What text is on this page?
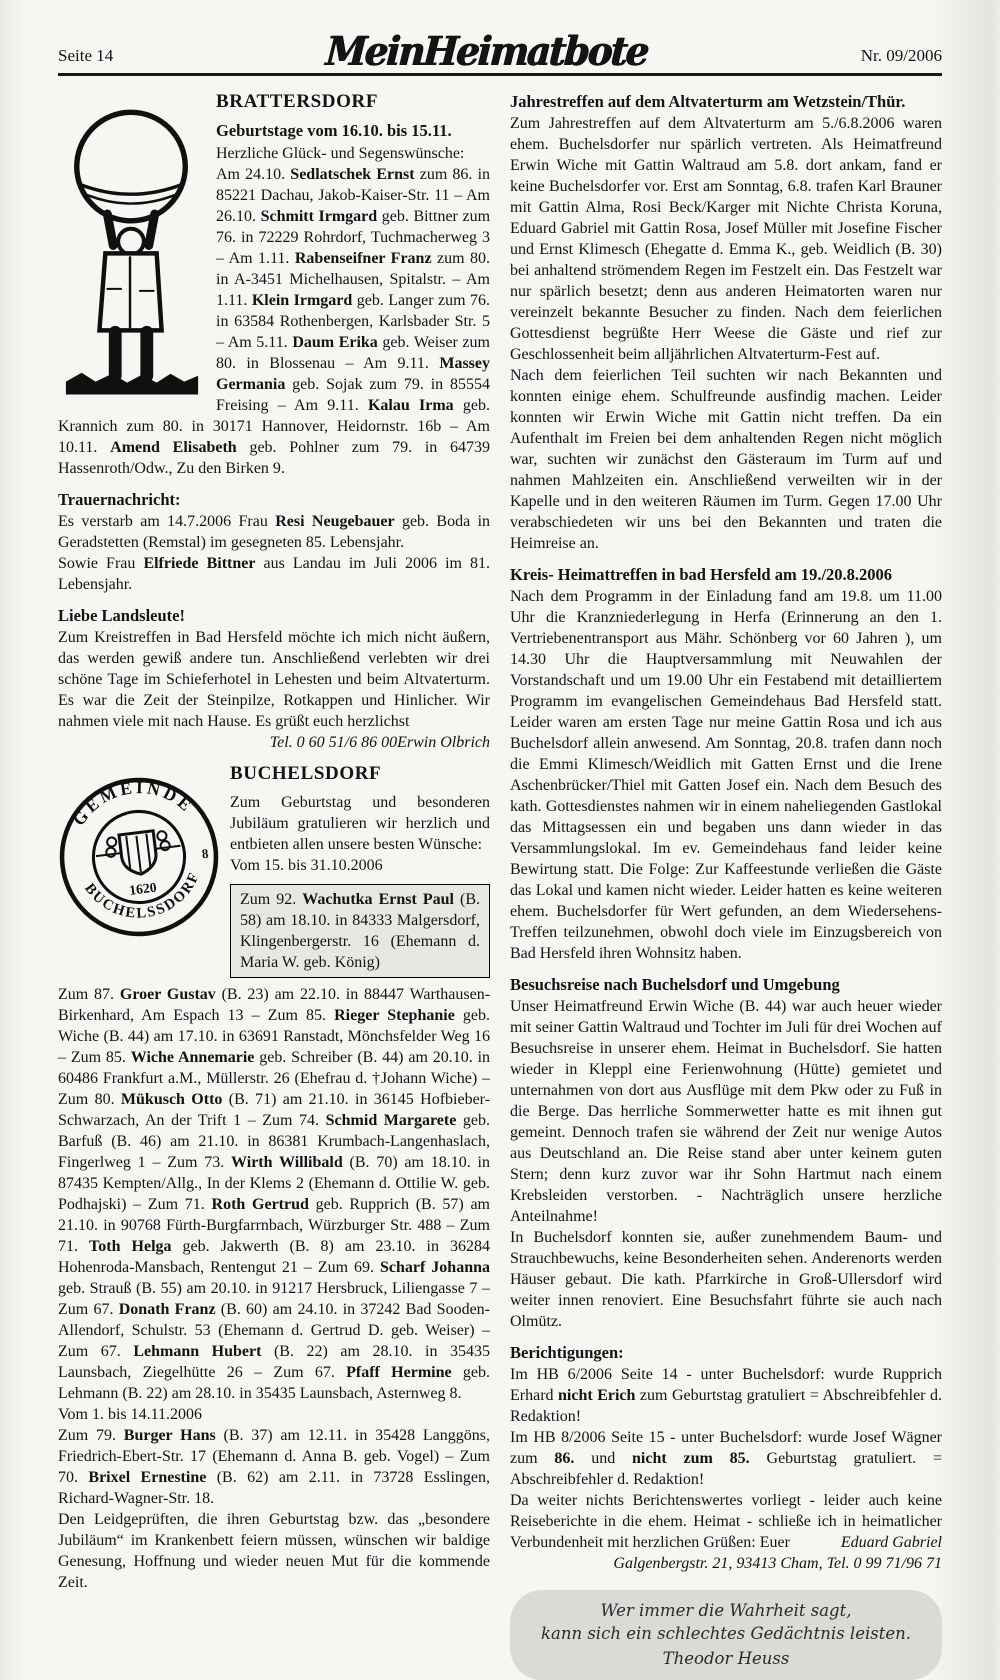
Seite 14	MeinHeimatbote	Nr. 09/2006
BRATTERSDORF
Geburtstage vom 16.10. bis 15.11.

Herzliche Glück- und Segenswünsche:

Am 24.10. Sedlatschek Ernst zum 86. in 85221 Dachau, Jakob-Kaiser-Str. 11 – Am 26.10. Schmitt Irmgard geb. Bittner zum 76. in 72229 Rohrdorf, Tuchmacherweg 3 – Am 1.11. Rabenseifner Franz zum 80. in A-3451 Michelhausen, Spitalstr. – Am 1.11. Klein Irmgard geb. Langer zum 76. in 63584 Rothenbergen, Karlsbader Str. 5 – Am 5.11. Daum Erika geb. Weiser zum 80. in Blossenau – Am 9.11. Massey Germania geb. Sojak zum 79. in 85554 Freising – Am 9.11. Kalau Irma geb. Krannich zum 80. in 30171 Hannover, Heidornstr. 16b – Am 10.11. Amend Elisabeth geb. Pohlner zum 79. in 64739 Hassenroth/Odw., Zu den Birken 9.

Trauernachricht:

Es verstarb am 14.7.2006 Frau Resi Neugebauer geb. Boda in Geradstetten (Remstal) im gesegneten 85. Lebensjahr.

Sowie Frau Elfriede Bittner aus Landau im Juli 2006 im 81. Lebensjahr.

Liebe Landsleute!

Zum Kreistreffen in Bad Hersfeld möchte ich mich nicht äußern, das werden gewiß andere tun. Anschließend verlebten wir drei schöne Tage im Schieferhotel in Lehesten und beim Altvaterturm. Es war die Zeit der Steinpilze, Rotkappen und Hinlicher. Wir nahmen viele mit nach Hause. Es grüßt euch herzlichst
Erwin Olbrich

Tel. 0 60 51/6 86 00

GEMEINDE
BUCHELSSDORF
8
1620
BUCHELSDORF

Zum Geburtstag und besonderen Jubiläum gratulieren wir herzlich und entbieten allen unsere besten Wünsche:

Vom 15. bis 31.10.2006

Zum 92. Wachutka Ernst Paul (B. 58) am 18.10. in 84333 Malgersdorf, Klingenbergerstr. 16 (Ehemann d. Maria W. geb. König)

Zum 87. Groer Gustav (B. 23) am 22.10. in 88447 Warthausen-Birkenhard, Am Espach 13 – Zum 85. Rieger Stephanie geb. Wiche (B. 44) am 17.10. in 63691 Ranstadt, Mönchsfelder Weg 16 – Zum 85. Wiche Annemarie geb. Schreiber (B. 44) am 20.10. in 60486 Frankfurt a.M., Müllerstr. 26 (Ehefrau d. †Johann Wiche) – Zum 80. Mükusch Otto (B. 71) am 21.10. in 36145 Hofbieber-Schwarzach, An der Trift 1 – Zum 74. Schmid Margarete geb. Barfuß (B. 46) am 21.10. in 86381 Krumbach-Langenhaslach, Fingerlweg 1 – Zum 73. Wirth Willibald (B. 70) am 18.10. in 87435 Kempten/Allg., In der Klems 2 (Ehemann d. Ottilie W. geb. Podhajski) – Zum 71. Roth Gertrud geb. Rupprich (B. 57) am 21.10. in 90768 Fürth-Burgfarrnbach, Würzburger Str. 488 – Zum 71. Toth Helga geb. Jakwerth (B. 8) am 23.10. in 36284 Hohenroda-Mansbach, Rentengut 21 – Zum 69. Scharf Johanna geb. Strauß (B. 55) am 20.10. in 91217 Hersbruck, Liliengasse 7 – Zum 67. Donath Franz (B. 60) am 24.10. in 37242 Bad Sooden-Allendorf, Schulstr. 53 (Ehemann d. Gertrud D. geb. Weiser) – Zum 67. Lehmann Hubert (B. 22) am 28.10. in 35435 Launsbach, Ziegelhütte 26 – Zum 67. Pfaff Hermine geb. Lehmann (B. 22) am 28.10. in 35435 Launsbach, Asternweg 8.

Vom 1. bis 14.11.2006

Zum 79. Burger Hans (B. 37) am 12.11. in 35428 Langgöns, Friedrich-Ebert-Str. 17 (Ehemann d. Anna B. geb. Vogel) – Zum 70. Brixel Ernestine (B. 62) am 2.11. in 73728 Esslingen, Richard-Wagner-Str. 18.

Den Leidgeprüften, die ihren Geburtstag bzw. das „besondere Jubiläum“ im Krankenbett feiern müssen, wünschen wir baldige Genesung, Hoffnung und wieder neuen Mut für die kommende Zeit.

Jahrestreffen auf dem Altvaterturm am Wetzstein/Thür.

Zum Jahrestreffen auf dem Altvaterturm am 5./6.8.2006 waren ehem. Buchelsdorfer nur spärlich vertreten. Als Heimatfreund Erwin Wiche mit Gattin Waltraud am 5.8. dort ankam, fand er keine Buchelsdorfer vor. Erst am Sonntag, 6.8. trafen Karl Brauner mit Gattin Alma, Rosi Beck/Karger mit Nichte Christa Koruna, Eduard Gabriel mit Gattin Rosa, Josef Müller mit Josefine Fischer und Ernst Klimesch (Ehegatte d. Emma K., geb. Weidlich (B. 30) bei anhaltend strömendem Regen im Festzelt ein. Das Festzelt war nur spärlich besetzt; denn aus anderen Heimatorten waren nur vereinzelt bekannte Besucher zu finden. Nach dem feierlichen Gottesdienst begrüßte Herr Weese die Gäste und rief zur Geschlossenheit beim alljährlichen Altvaterturm-Fest auf.

Nach dem feierlichen Teil suchten wir nach Bekannten und konnten einige ehem. Schulfreunde ausfindig machen. Leider konnten wir Erwin Wiche mit Gattin nicht treffen. Da ein Aufenthalt im Freien bei dem anhaltenden Regen nicht möglich war, suchten wir zunächst den Gästeraum im Turm auf und nahmen Mahlzeiten ein. Anschließend verweilten wir in der Kapelle und in den weiteren Räumen im Turm. Gegen 17.00 Uhr verabschiedeten wir uns bei den Bekannten und traten die Heimreise an.

Kreis- Heimattreffen in bad Hersfeld am 19./20.8.2006

Nach dem Programm in der Einladung fand am 19.8. um 11.00 Uhr die Kranzniederlegung in Herfa (Erinnerung an den 1. Vertriebenentransport aus Mähr. Schönberg vor 60 Jahren ), um 14.30 Uhr die Hauptversammlung mit Neuwahlen der Vorstandschaft und um 19.00 Uhr ein Festabend mit detailliertem Programm im evangelischen Gemeindehaus Bad Hersfeld statt. Leider waren am ersten Tage nur meine Gattin Rosa und ich aus Buchelsdorf allein anwesend. Am Sonntag, 20.8. trafen dann noch die Emmi Klimesch/Weidlich mit Gatten Ernst und die Irene Aschenbrücker/Thiel mit Gatten Josef ein. Nach dem Besuch des kath. Gottesdienstes nahmen wir in einem naheliegenden Gastlokal das Mittagsessen ein und begaben uns dann wieder in das Versammlungslokal. Im ev. Gemeindehaus fand leider keine Bewirtung statt. Die Folge: Zur Kaffeestunde verließen die Gäste das Lokal und kamen nicht wieder. Leider hatten es keine weiteren ehem. Buchelsdorfer für Wert gefunden, an dem Wiedersehens-Treffen teilzunehmen, obwohl doch viele im Einzugsbereich von Bad Hersfeld ihren Wohnsitz haben.

Besuchsreise nach Buchelsdorf und Umgebung

Unser Heimatfreund Erwin Wiche (B. 44) war auch heuer wieder mit seiner Gattin Waltraud und Tochter im Juli für drei Wochen auf Besuchsreise in unserer ehem. Heimat in Buchelsdorf. Sie hatten wieder in Kleppl eine Ferienwohnung (Hütte) gemietet und unternahmen von dort aus Ausflüge mit dem Pkw oder zu Fuß in die Berge. Das herrliche Sommerwetter hatte es mit ihnen gut gemeint. Dennoch trafen sie während der Zeit nur wenige Autos aus Deutschland an. Die Reise stand aber unter keinem guten Stern; denn kurz zuvor war ihr Sohn Hartmut nach einem Krebsleiden verstorben. - Nachträglich unsere herzliche Anteilnahme!

In Buchelsdorf konnten sie, außer zunehmendem Baum- und Strauchbewuchs, keine Besonderheiten sehen. Anderenorts werden Häuser gebaut. Die kath. Pfarrkirche in Groß-Ullersdorf wird weiter innen renoviert. Eine Besuchsfahrt führte sie auch nach Olmütz.

Berichtigungen:

Im HB 6/2006 Seite 14 - unter Buchelsdorf: wurde Rupprich Erhard nicht Erich zum Geburtstag gratuliert = Abschreibfehler d. Redaktion!

Im HB 8/2006 Seite 15 - unter Buchelsdorf: wurde Josef Wägner zum 86. und nicht zum 85. Geburtstag gratuliert. = Abschreibfehler d. Redaktion!

Da weiter nichts Berichtenswertes vorliegt - leider auch keine Reiseberichte in die ehem. Heimat - schließe ich in heimatlicher Verbundenheit mit herzlichen Grüßen: Euer	Eduard Gabriel

Galgenbergstr. 21, 93413 Cham, Tel. 0 99 71/96 71

Wer immer die Wahrheit sagt,
kann sich ein schlechtes Gedächtnis leisten.
Theodor Heuss
